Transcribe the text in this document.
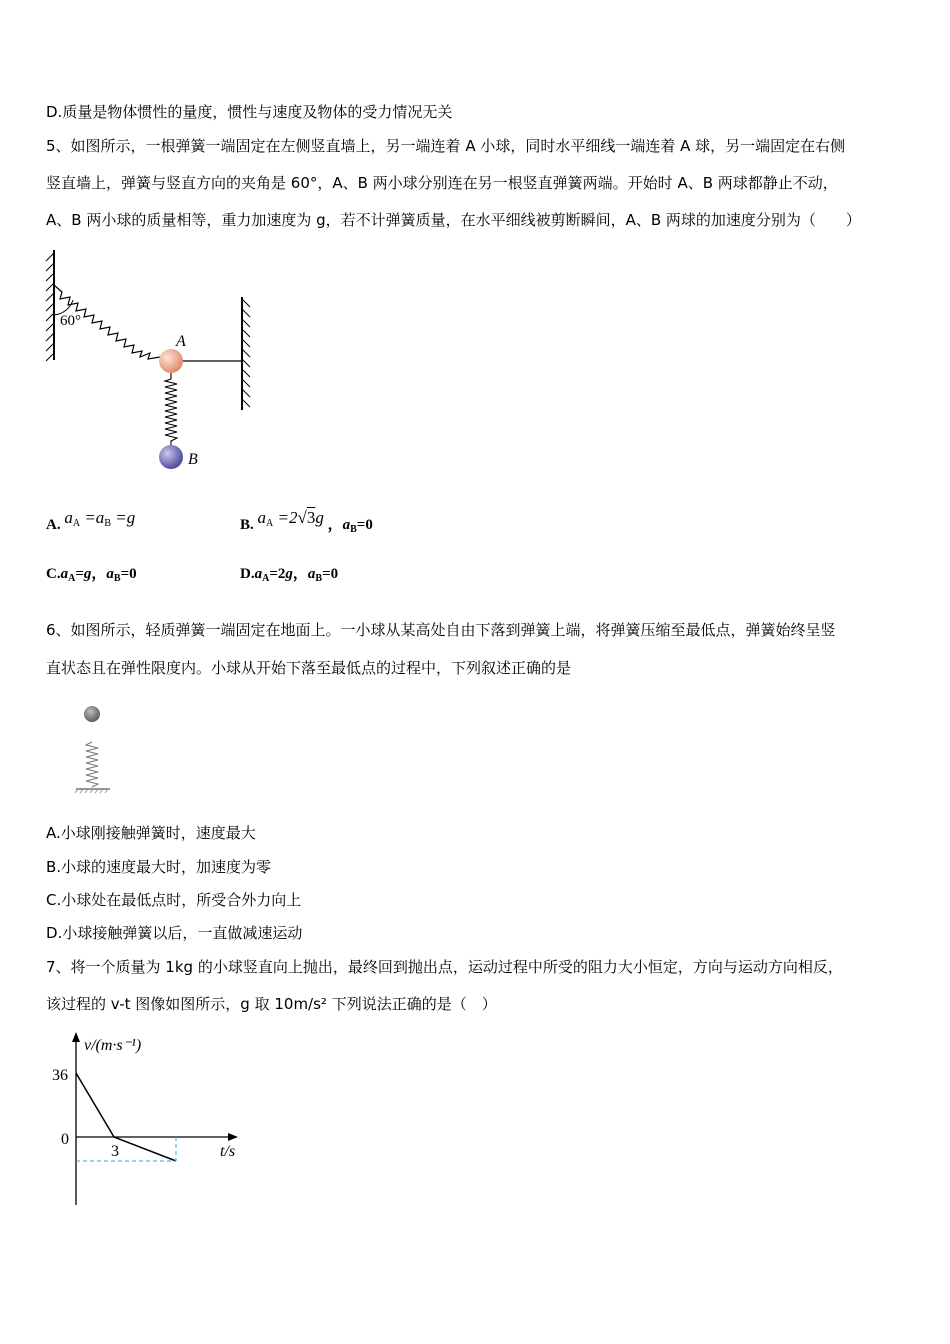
D.质量是物体惯性的量度，惯性与速度及物体的受力情况无关
5、如图所示，一根弹簧一端固定在左侧竖直墙上，另一端连着 A 小球，同时水平细线一端连着 A 球，另一端固定在右侧
竖直墙上，弹簧与竖直方向的夹角是 60°，A、B 两小球分别连在另一根竖直弹簧两端。开始时 A、B 两球都静止不动，
A、B 两小球的质量相等，重力加速度为 g，若不计弹簧质量，在水平细线被剪断瞬间，A、B 两球的加速度分别为（　　）
60°
A
B
A. $a_A =a_B =g$	B. $a_A =2√3g$ ，$a_B=0$
$C.a_A=g$，$a_B=0$	$D.a_A=2g$，$a_B=0$
6、如图所示，轻质弹簧一端固定在地面上。一小球从某高处自由下落到弹簧上端，将弹簧压缩至最低点，弹簧始终呈竖
直状态且在弹性限度内。小球从开始下落至最低点的过程中，下列叙述正确的是
A.小球刚接触弹簧时，速度最大
B.小球的速度最大时，加速度为零
C.小球处在最低点时，所受合外力向上
D.小球接触弹簧以后，一直做减速运动
7、将一个质量为 1kg 的小球竖直向上抛出，最终回到抛出点，运动过程中所受的阻力大小恒定，方向与运动方向相反，
该过程的 v-t 图像如图所示，g 取 10m/s² 下列说法正确的是（　）
v/(m·s⁻¹)
t/s
36
0
3
